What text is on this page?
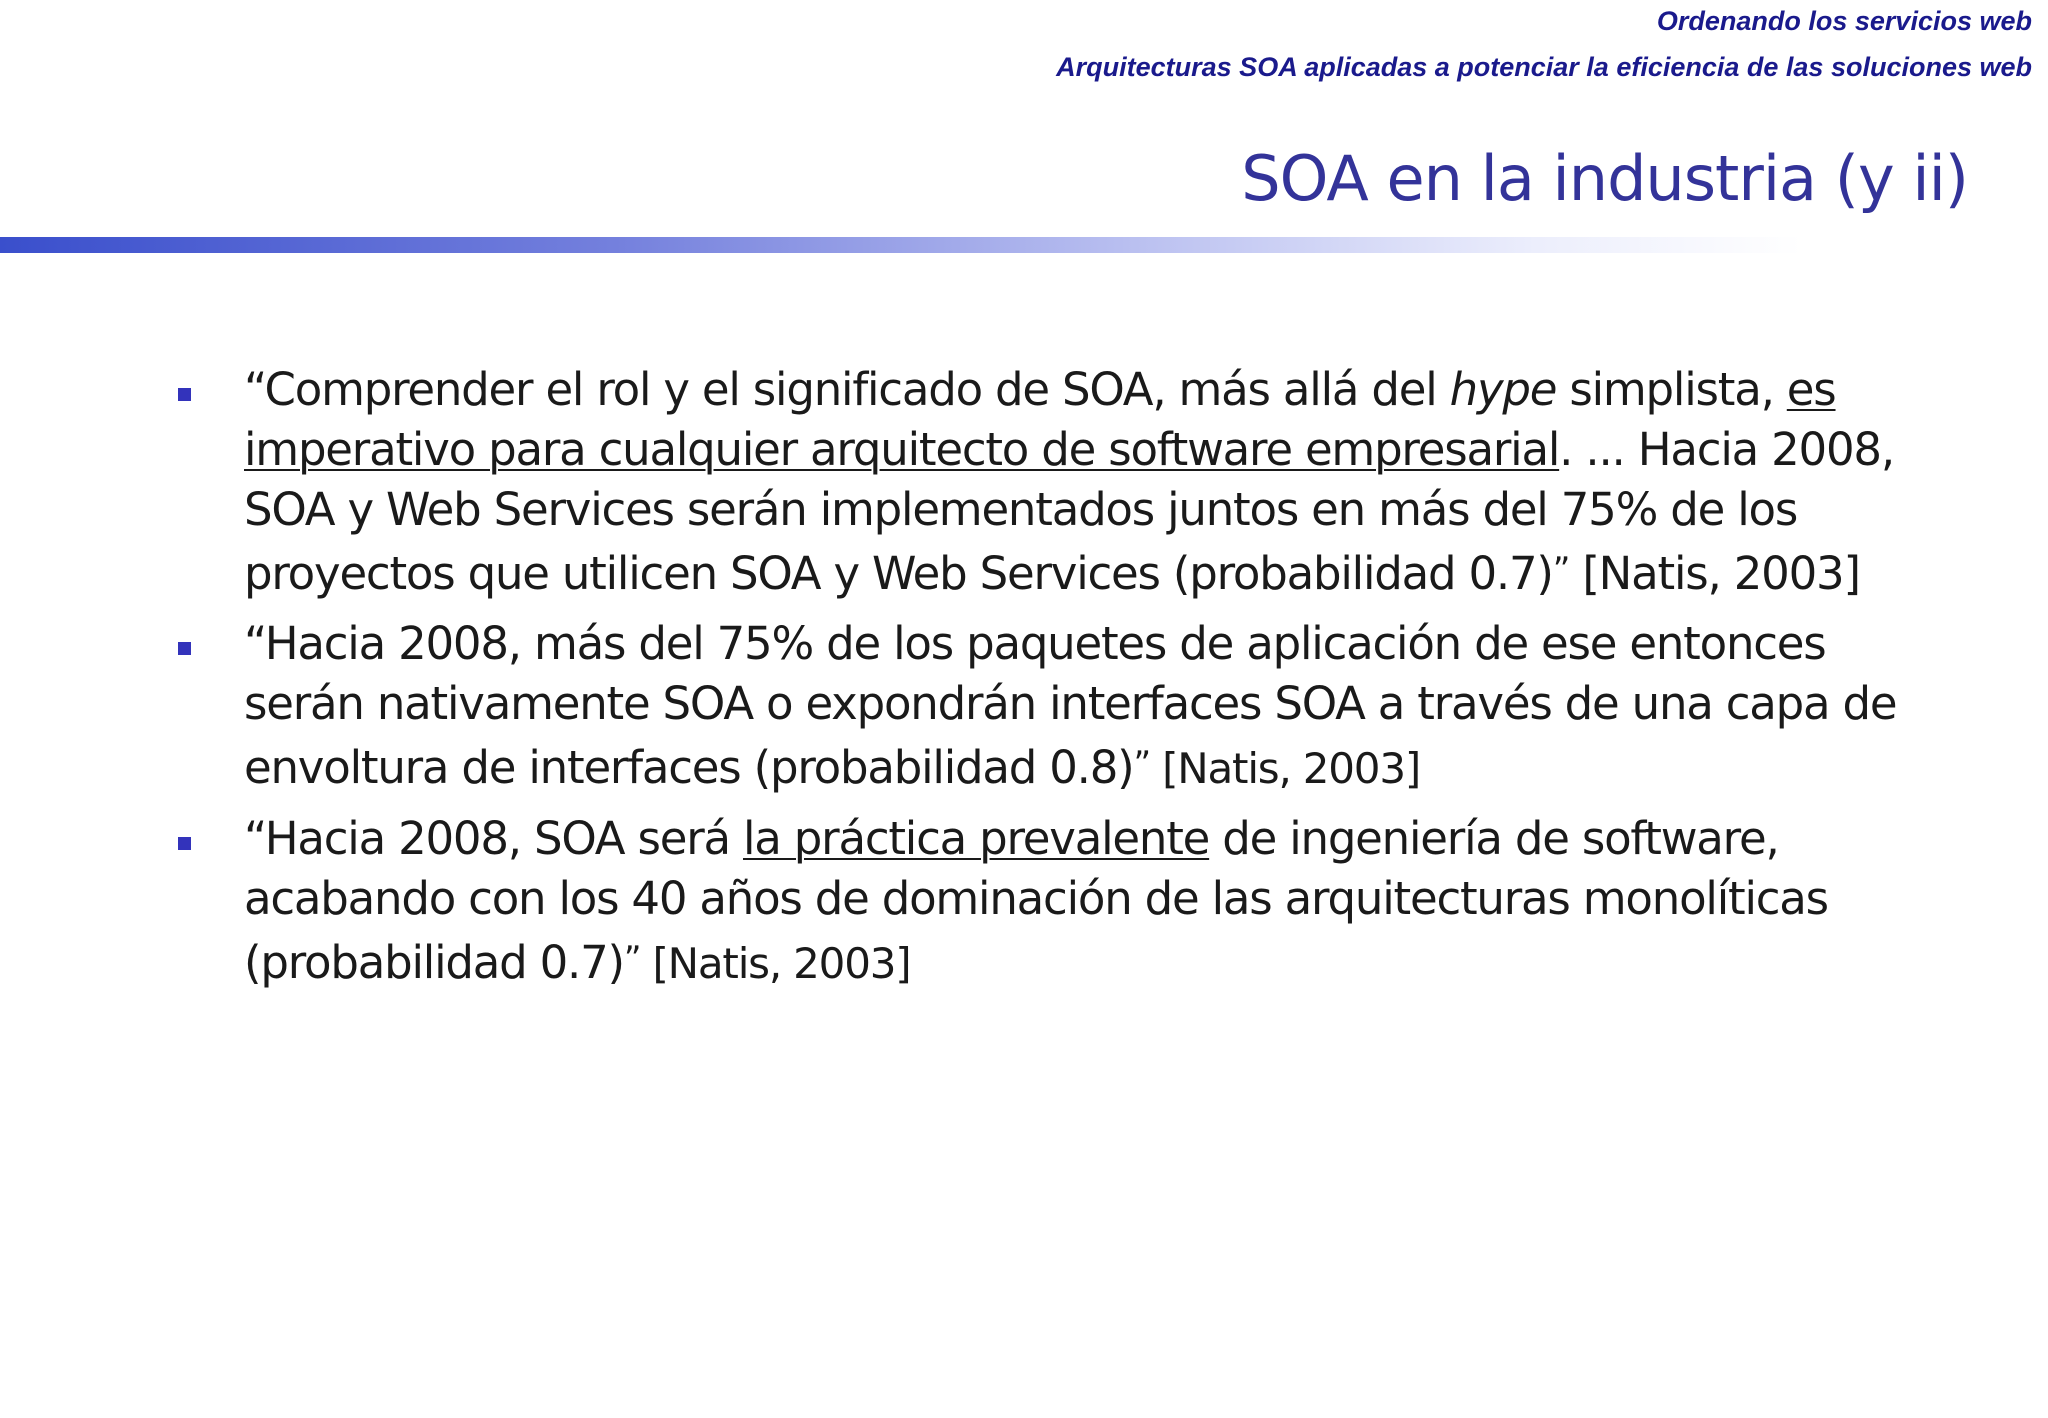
Ordenando los servicios web
Arquitecturas SOA aplicadas a potenciar la eficiencia de las soluciones web
SOA en la industria (y ii)
“Comprender el rol y el significado de SOA, más allá del hype simplista, es imperativo para cualquier arquitecto de software empresarial. ... Hacia 2008, SOA y Web Services serán implementados juntos en más del 75% de los proyectos que utilicen SOA y Web Services (probabilidad 0.7)” [Natis, 2003]
“Hacia 2008, más del 75% de los paquetes de aplicación de ese entonces serán nativamente SOA o expondrán interfaces SOA a través de una capa de envoltura de interfaces (probabilidad 0.8)” [Natis, 2003]
“Hacia 2008, SOA será la práctica prevalente de ingeniería de software, acabando con los 40 años de dominación de las arquitecturas monolíticas (probabilidad 0.7)” [Natis, 2003]
